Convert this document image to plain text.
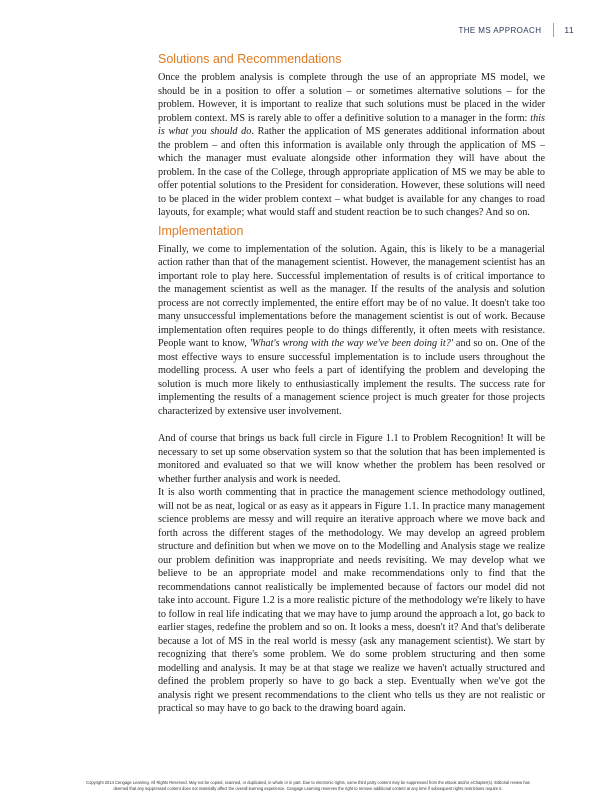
THE MS APPROACH	11
Solutions and Recommendations

Once the problem analysis is complete through the use of an appropriate MS model, we should be in a position to offer a solution – or sometimes alternative solutions – for the problem. However, it is important to realize that such solutions must be placed in the wider problem context. MS is rarely able to offer a definitive solution to a manager in the form: this is what you should do. Rather the application of MS generates additional information about the problem – and often this information is available only through the application of MS – which the manager must evaluate alongside other information they will have about the problem. In the case of the College, through appropriate application of MS we may be able to offer potential solutions to the President for consideration. However, these solutions will need to be placed in the wider problem context – what budget is available for any changes to road layouts, for example; what would staff and student reaction be to such changes? And so on.

Implementation

Finally, we come to implementation of the solution. Again, this is likely to be a managerial action rather than that of the management scientist. However, the management scientist has an important role to play here. Successful implementation of results is of critical importance to the management scientist as well as the manager. If the results of the analysis and solution process are not correctly implemented, the entire effort may be of no value. It doesn't take too many unsuccessful implementations before the management scientist is out of work. Because implementation often requires people to do things differently, it often meets with resistance. People want to know, 'What's wrong with the way we've been doing it?' and so on. One of the most effective ways to ensure successful implementation is to include users throughout the modelling process. A user who feels a part of identifying the problem and developing the solution is much more likely to enthusiastically implement the results. The success rate for implementing the results of a management science project is much greater for those projects characterized by extensive user involvement.

And of course that brings us back full circle in Figure 1.1 to Problem Recognition! It will be necessary to set up some observation system so that the solution that has been implemented is monitored and evaluated so that we will know whether the problem has been resolved or whether further analysis and work is needed.

It is also worth commenting that in practice the management science methodology outlined, will not be as neat, logical or as easy as it appears in Figure 1.1. In practice many management science problems are messy and will require an iterative approach where we move back and forth across the different stages of the methodology. We may develop an agreed problem structure and definition but when we move on to the Modelling and Analysis stage we realize our problem definition was inappropriate and needs revisiting. We may develop what we believe to be an appropriate model and make recommendations only to find that the recommendations cannot realistically be implemented because of factors our model did not take into account. Figure 1.2 is a more realistic picture of the methodology we're likely to have to follow in real life indicating that we may have to jump around the approach a lot, go back to earlier stages, redefine the problem and so on. It looks a mess, doesn't it? And that's deliberate because a lot of MS in the real world is messy (ask any management scientist). We start by recognizing that there's some problem. We do some problem structuring and then some modelling and analysis. It may be at that stage we realize we haven't actually structured and defined the problem properly so have to go back a step. Eventually when we've got the analysis right we present recommendations to the client who tells us they are not realistic or practical so may have to go back to the drawing board again.

Copyright 2014 Cengage Learning. All Rights Reserved. May not be copied, scanned, or duplicated, in whole or in part. Due to electronic rights, some third party content may be suppressed from the eBook and/or eChapter(s). Editorial review has
deemed that any suppressed content does not materially affect the overall learning experience. Cengage Learning reserves the right to remove additional content at any time if subsequent rights restrictions require it.
